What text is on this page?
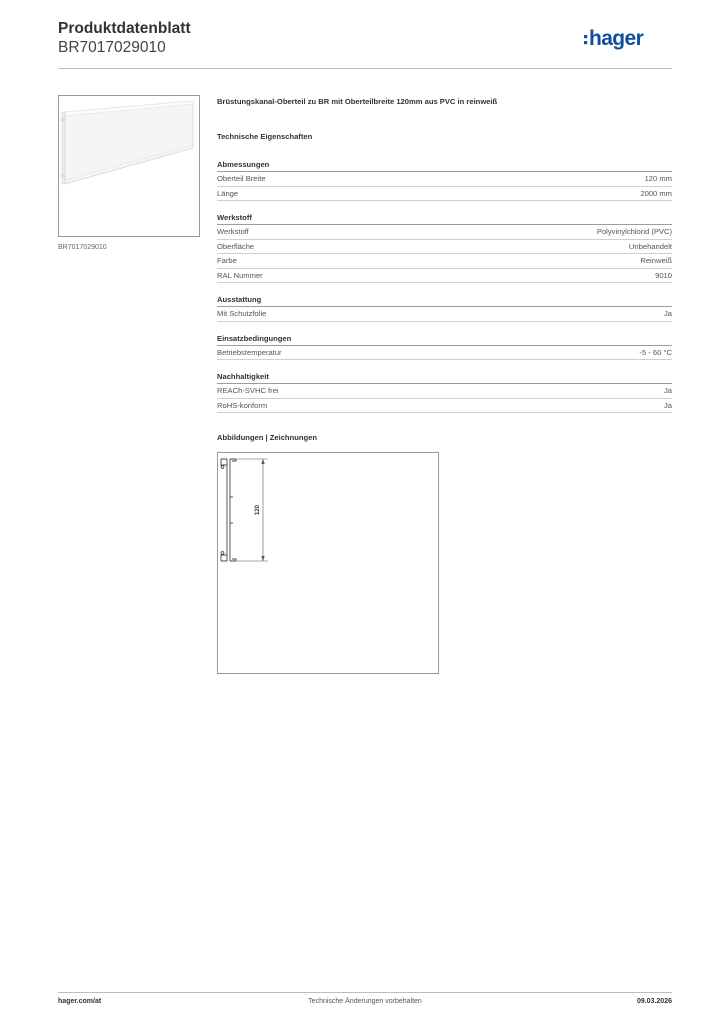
Produktdatenblatt
BR7017029010	hager
BR7017029010

Brüstungskanal-Oberteil zu BR mit Oberteilbreite 120mm aus PVC in reinweiß

Technische Eigenschaften
Abmessungen
Oberteil Breite	120 mm
Länge	2000 mm
Werkstoff
Werkstoff	Polyvinylchlorid (PVC)
Oberfläche	Unbehandelt
Farbe	Reinweiß
RAL Nummer	9010
Ausstattung
Mit Schutzfolie	Ja
Einsatzbedingungen
Betriebstemperatur	-5 - 60 °C
Nachhaltigkeit
REACh-SVHC frei	Ja
RoHS-konform	Ja
Abbildungen | Zeichnungen
120
hager.com/at	Technische Änderungen vorbehalten	09.03.2026
